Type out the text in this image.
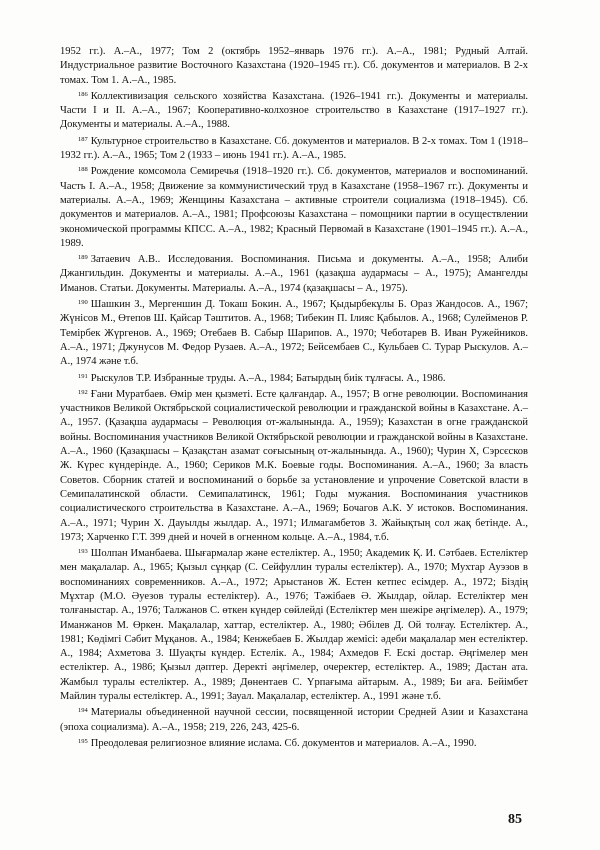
1952 гг.). А.–А., 1977; Том 2 (октябрь 1952–январь 1976 гг.). А.–А., 1981; Рудный Алтай. Индустриальное развитие Восточного Казахстана (1920–1945 гг.). Сб. документов и материалов. В 2-х томах. Том 1. А.–А., 1985.

$^{186}$ Коллективизация сельского хозяйства Казахстана. (1926–1941 гг.). Документы и материалы. Части I и II. А.–А., 1967; Кооперативно-колхозное строительство в Казахстане (1917–1927 гг.). Документы и материалы. А.–А., 1988.

$^{187}$ Культурное строительство в Казахстане. Сб. документов и материалов. В 2-х томах. Том 1 (1918–1932 гг.). А.–А., 1965; Том 2 (1933 – июнь 1941 гг.). А.–А., 1985.

$^{188}$ Рождение комсомола Семиречья (1918–1920 гг.). Сб. документов, материалов и воспоминаний. Часть I. А.–А., 1958; Движение за коммунистический труд в Казахстане (1958–1967 гг.). Документы и материалы. А.–А., 1969; Женщины Казахстана – активные строители социализма (1918–1945). Сб. документов и материалов. А.–А., 1981; Профсоюзы Казахстана – помощники партии в осуществлении экономической программы КПСС. А.–А., 1982; Красный Первомай в Казахстане (1901–1945 гг.). А.–А., 1989.

$^{189}$ Затаевич А.В.. Исследования. Воспоминания. Письма и документы. А.–А., 1958; Алиби Джангильдин. Документы и материалы. А.–А., 1961 (қазақша аудармасы – А., 1975); Амангелды Иманов. Статьи. Документы. Материалы. А.–А., 1974 (қазақшасы – А., 1975).

$^{190}$ Шашкин З., Мергеншин Д. Токаш Бокин. А., 1967; Қыдырбекұлы Б. Ораз Жандосов. А., 1967; Жүнісов М., Өтепов Ш. Қайсар Тәштитов. А., 1968; Тибекин П. Ілияс Қабылов. А., 1968; Сулейменов Р. Темірбек Жүргенов. А., 1969; Отебаев В. Сабыр Шарипов. А., 1970; Чеботарев В. Иван Ружейников. А.–А., 1971; Джунусов М. Федор Рузаев. А.–А., 1972; Бейсембаев С., Кульбаев С. Турар Рыскулов. А.–А., 1974 және т.б.

$^{191}$ Рыскулов Т.Р. Избранные труды. А.–А., 1984; Батырдың биік тұлғасы. А., 1986.

$^{192}$ Ғани Муратбаев. Өмір мен қызметі. Есте қалғандар. А., 1957; В огне революции. Воспоминания участников Великой Октябрьской социалистической революции и гражданской войны в Казахстане. А.–А., 1957. (Қазақша аудармасы – Революция от-жалынында. А., 1959); Казахстан в огне гражданской войны. Воспоминания участников Великой Октябрьской революции и гражданской войны в Казахстане. А.–А., 1960 (Қазақшасы – Қазақстан азамат соғысының от-жалынында. А., 1960); Чурин Х, Сэрсєсков Ж. Күрес күндерінде. А., 1960; Сериков М.К. Боевые годы. Воспоминания. А.–А., 1960; За власть Советов. Сборник статей и воспоминаний о борьбе за установление и упрочение Советской власти в Семипалатинской области. Семипалатинск, 1961; Годы мужания. Воспоминания участников социалистического строительства в Казахстане. А.–А., 1969; Бочагов А.К. У истоков. Воспоминания. А.–А., 1971; Чурин Х. Дауылды жылдар. А., 1971; Илмагамбетов З. Жайықтың сол жақ бетінде. А., 1973; Харченко Г.Т. 399 дней и ночей в огненном кольце. А.–А., 1984, т.б.

$^{193}$ Шолпан Иманбаева. Шығармалар және естеліктер. А., 1950; Академик Қ. И. Сәтбаев. Естеліктер мен мақалалар. А., 1965; Қызыл сұңқар (С. Сейфуллин туралы естеліктер). А., 1970; Мухтар Ауэзов в воспоминаниях современников. А.–А., 1972; Арыстанов Ж. Естен кетпес есімдер. А., 1972; Біздің Мұхтар (М.О. Әуезов туралы естеліктер). А., 1976; Тәжібаев Ә. Жылдар, ойлар. Естеліктер мен толғаныстар. А., 1976; Талжанов С. өткен күндер сөйлейді (Естеліктер мен шежіре әңгімелер). А., 1979; Иманжанов М. Өркен. Мақалалар, хаттар, естеліктер. А., 1980; Әбілев Д. Ой толғау. Естеліктер. А., 1981; Көдімгі Сәбит Мұқанов. А., 1984; Кенжебаев Б. Жылдар жемісі: әдеби мақалалар мен естеліктер. А., 1984; Ахметова З. Шуақты күндер. Естелік. А., 1984; Ахмедов F. Ескі достар. Әңгімелер мен естеліктер. А., 1986; Қызыл дәптер. Деректі әңгімелер, очеректер, естеліктер. А., 1989; Дастан ата. Жамбыл туралы естеліктер. А., 1989; Дөнентаев С. Үрпағыма айтарым. А., 1989; Би аға. Бейімбет Майлин туралы естеліктер. А., 1991; Зауал. Мақалалар, естеліктер. А., 1991 және т.б.

$^{194}$ Материалы объединенной научной сессии, посвященной истории Средней Азии и Казахстана (эпоха социализма). А.–А., 1958; 219, 226, 243, 425-6.

$^{195}$ Преодолевая религиозное влияние ислама. Сб. документов и материалов. А.–А., 1990.

85
